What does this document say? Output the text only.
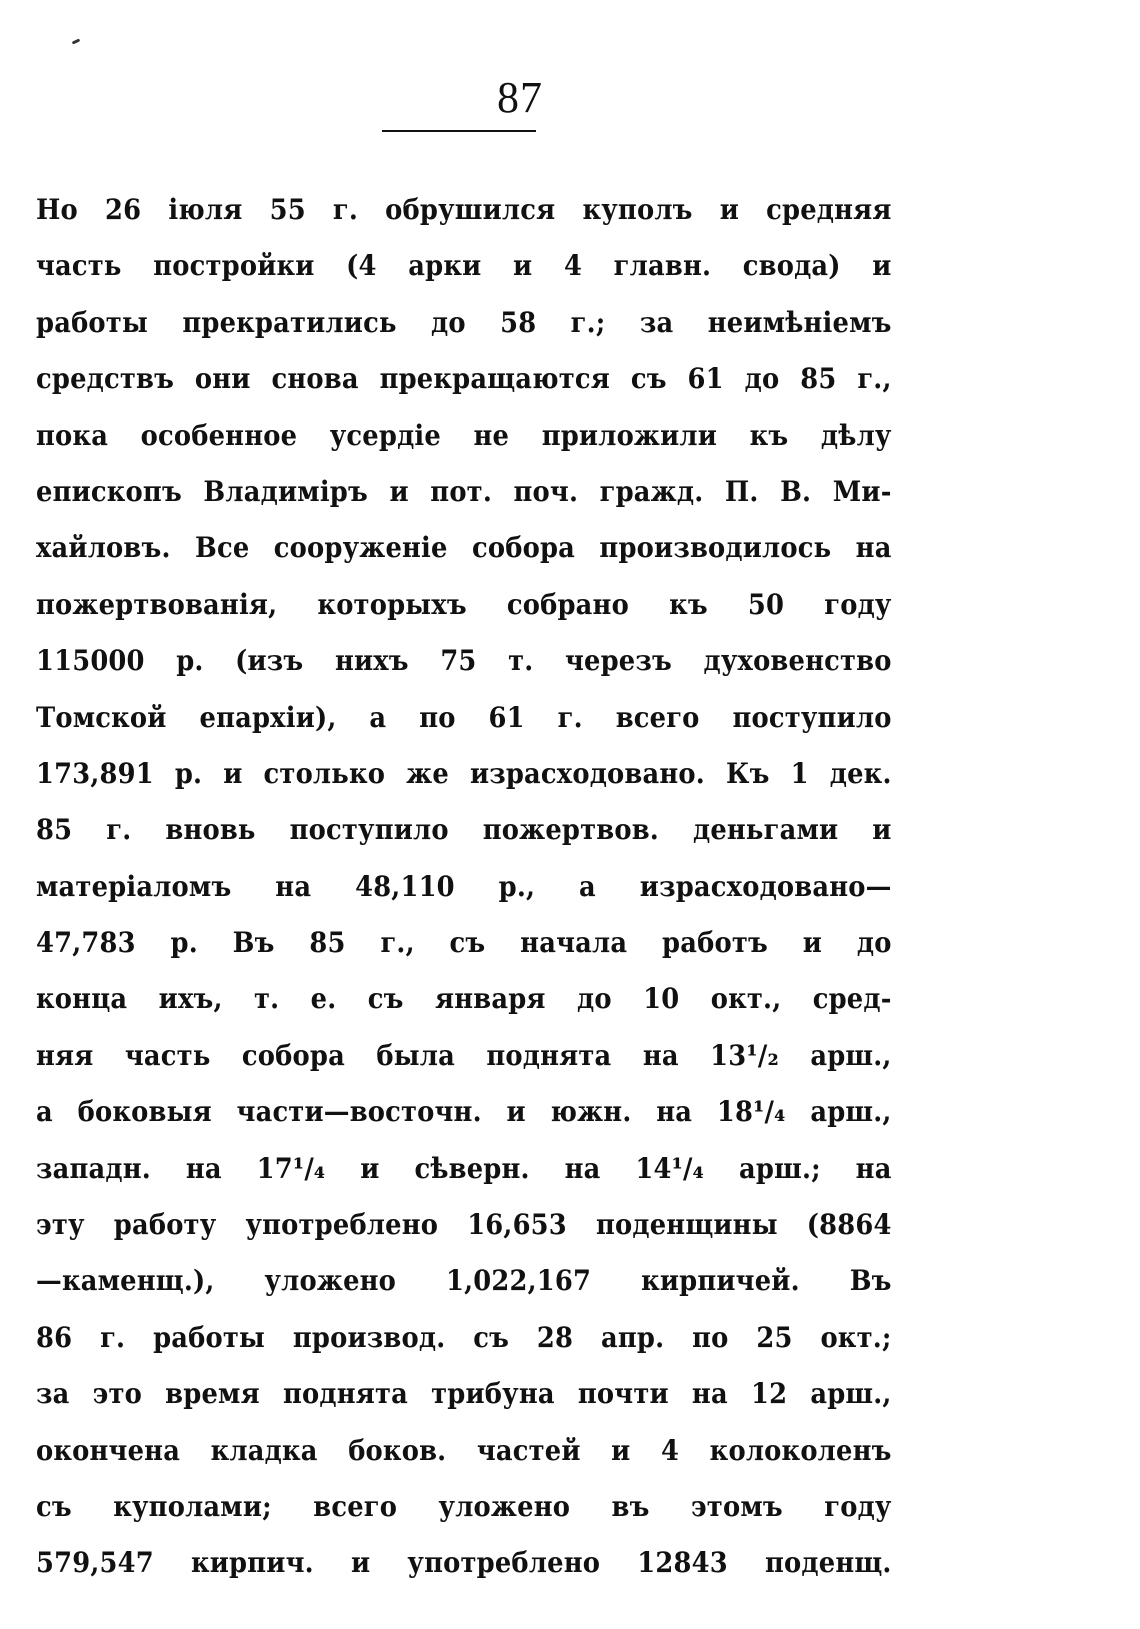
87
Но 26 іюля 55 г. обрушился куполъ и средняя
часть постройки (4 арки и 4 главн. свода) и
работы прекратились до 58 г.; за неимѣніемъ
средствъ они снова прекращаются съ 61 до 85 г.,
пока особенное усердіе не приложили къ дѣлу
епископъ Владиміръ и пот. поч. гражд. П. В. Ми-
хайловъ. Все сооруженіе собора производилось на
пожертвованія, которыхъ собрано къ 50 году
115000 р. (изъ нихъ 75 т. черезъ духовенство
Томской епархіи), а по 61 г. всего поступило
173,891 р. и столько же израсходовано. Къ 1 дек.
85 г. вновь поступило пожертвов. деньгами и
матеріаломъ на 48,110 р., а израсходовано—
47,783 р. Въ 85 г., съ начала работъ и до
конца ихъ, т. е. съ января до 10 окт., сред-
няя часть собора была поднята на 13¹/₂ арш.,
а боковыя части—восточн. и южн. на 18¹/₄ арш.,
западн. на 17¹/₄ и сѣверн. на 14¹/₄ арш.; на
эту работу употреблено 16,653 поденщины (8864
—каменщ.), уложено 1,022,167 кирпичей. Въ
86 г. работы производ. съ 28 апр. по 25 окт.;
за это время поднята трибуна почти на 12 арш.,
окончена кладка боков. частей и 4 колоколенъ
съ куполами; всего уложено въ этомъ году
579,547 кирпич. и употреблено 12843 поденщ.
